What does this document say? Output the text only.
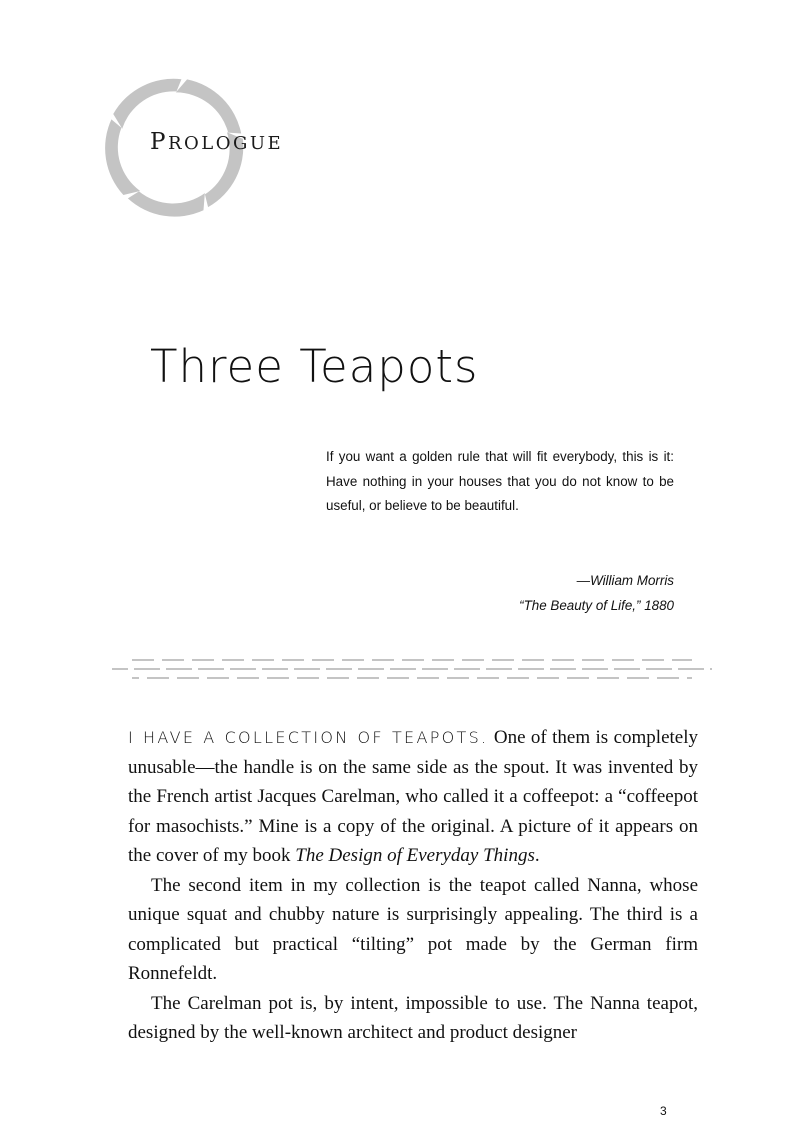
PROLOGUE
Three Teapots

If you want a golden rule that will fit everybody, this is it: Have nothing in your houses that you do not know to be useful, or believe to be beautiful.

—William Morris
“The Beauty of Life,” 1880

I HAVE A COLLECTION OF TEAPOTS. One of them is completely unusable—the handle is on the same side as the spout. It was invented by the French artist Jacques Carelman, who called it a coffeepot: a “coffeepot for masochists.” Mine is a copy of the original. A picture of it appears on the cover of my book The Design of Everyday Things.

The second item in my collection is the teapot called Nanna, whose unique squat and chubby nature is surprisingly appealing. The third is a complicated but practical “tilting” pot made by the German firm Ronnefeldt.

The Carelman pot is, by intent, impossible to use. The Nanna teapot, designed by the well-known architect and product designer

3
